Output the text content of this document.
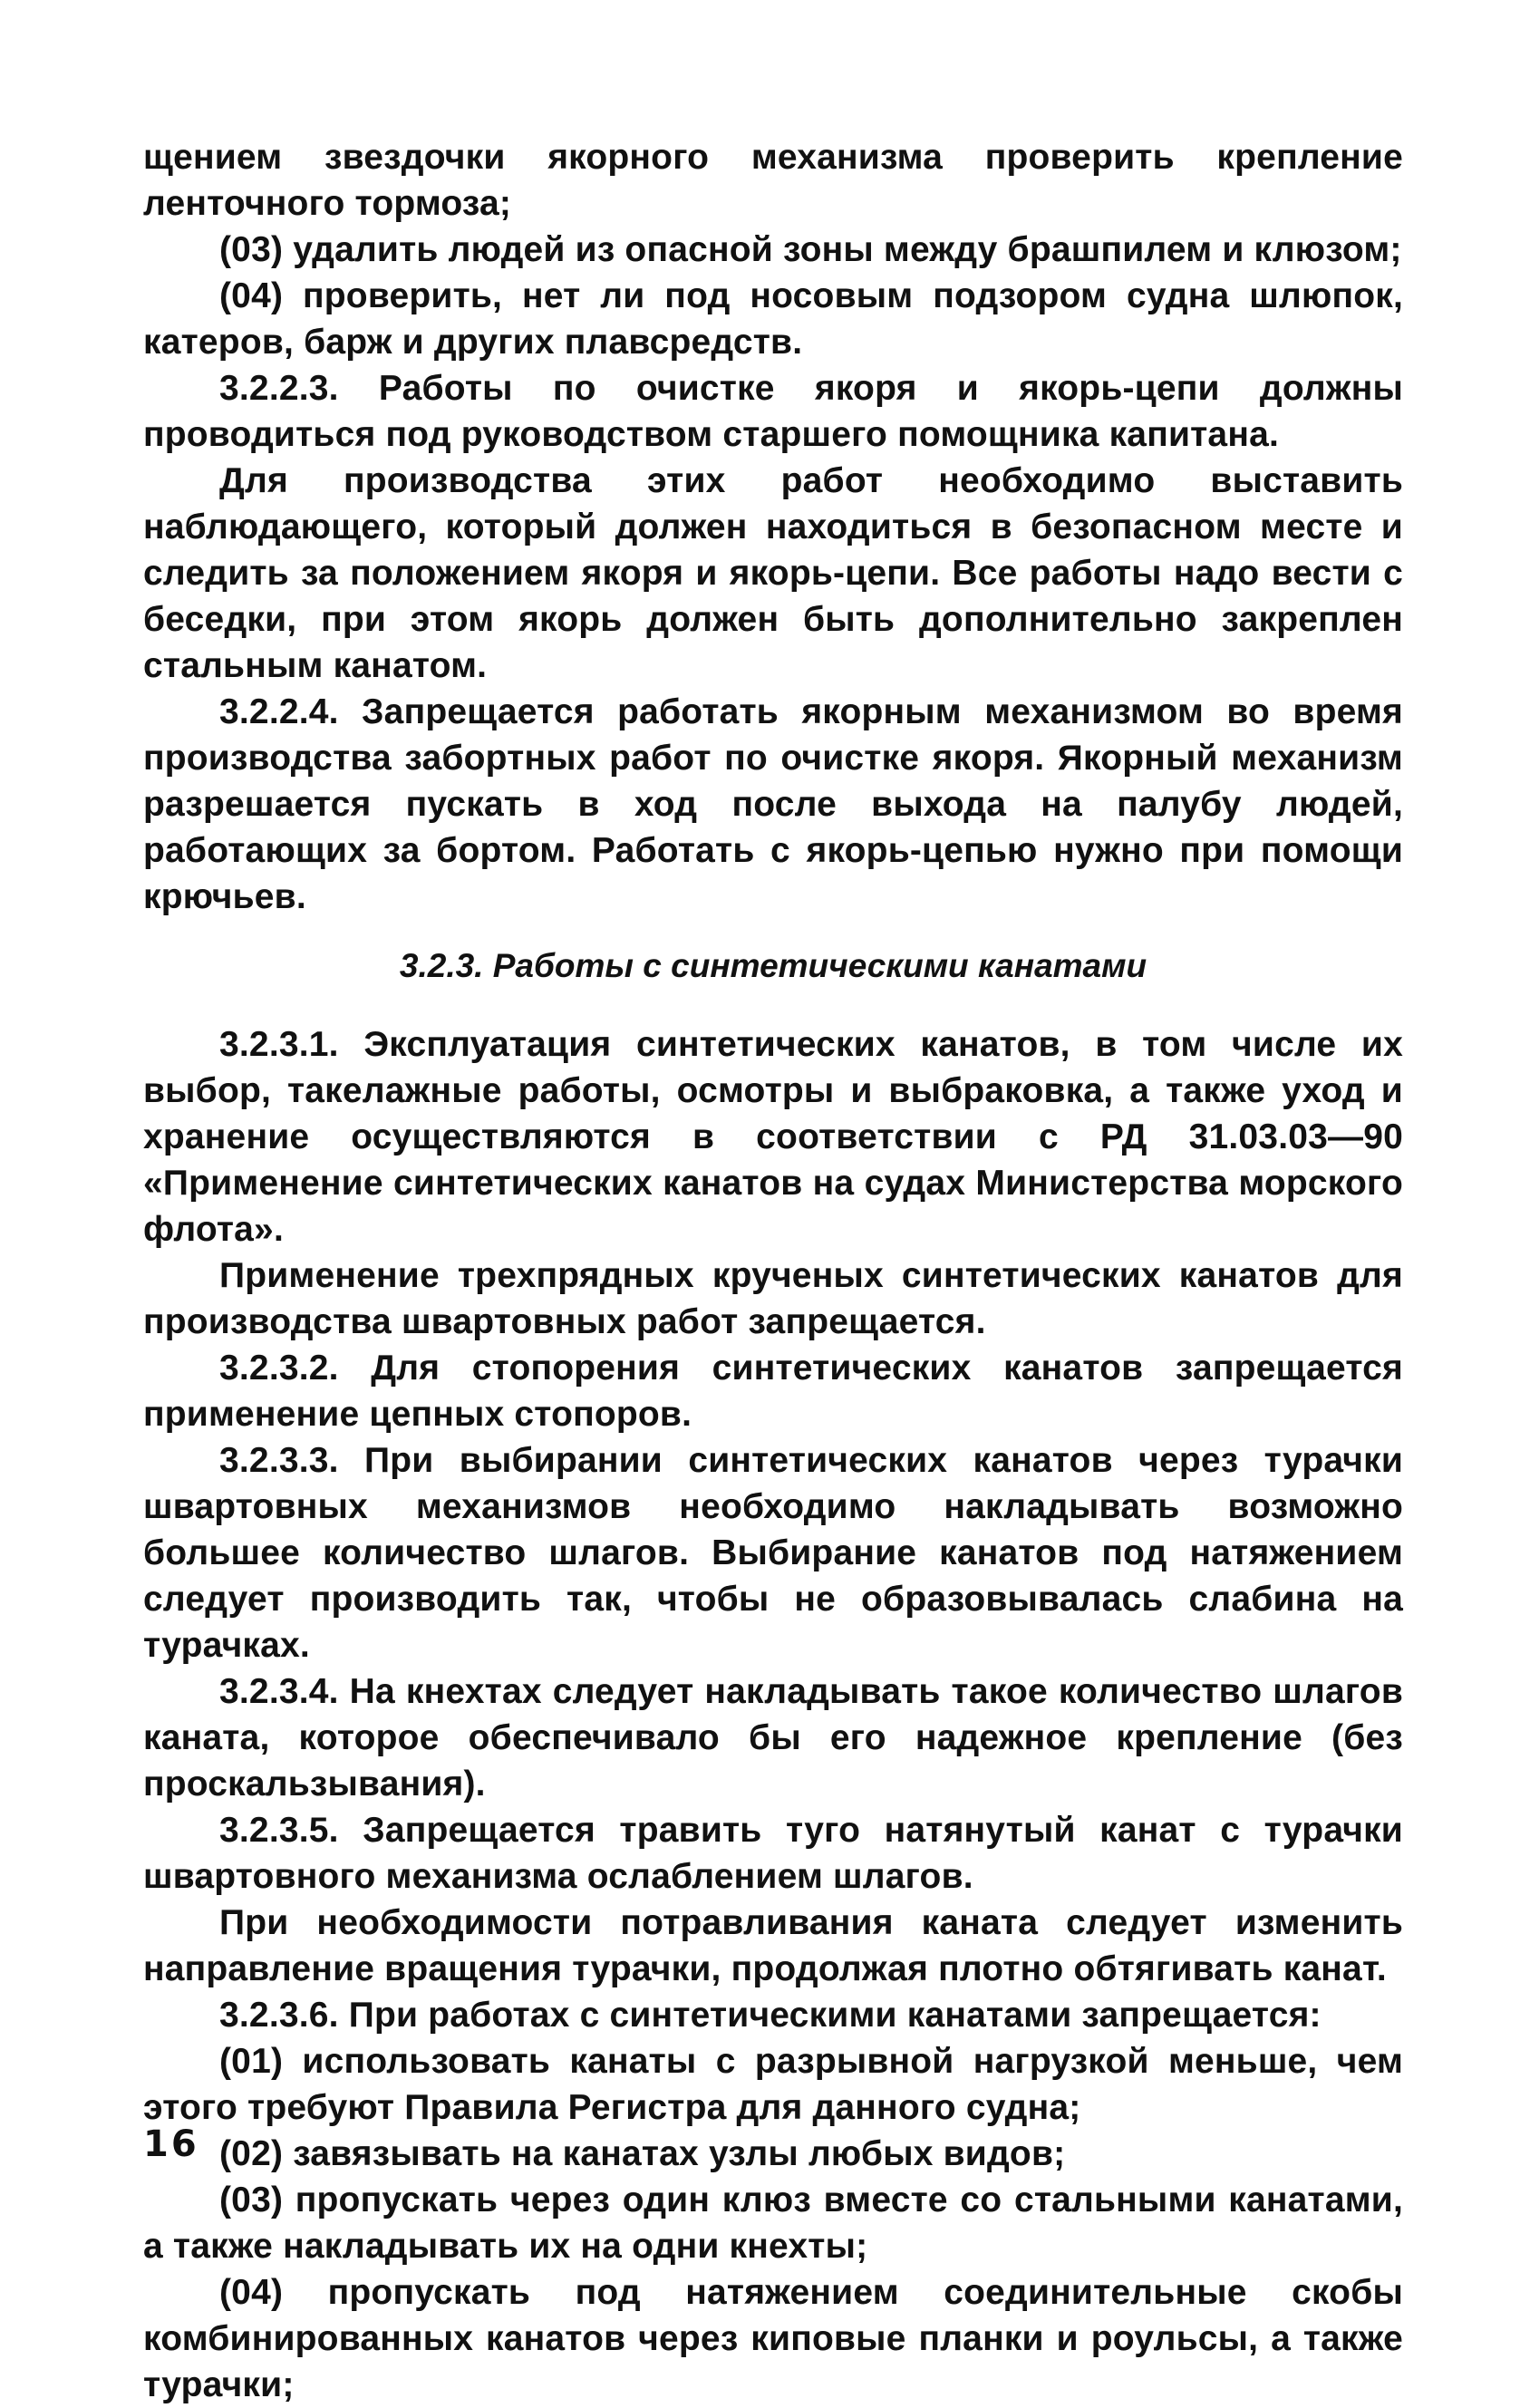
щением звездочки якорного механизма проверить крепление ленточного тормоза;

(03) удалить людей из опасной зоны между брашпилем и клюзом;

(04) проверить, нет ли под носовым подзором судна шлюпок, катеров, барж и других плавсредств.

3.2.2.3. Работы по очистке якоря и якорь-цепи должны проводиться под руководством старшего помощника капитана.

Для производства этих работ необходимо выставить наблюдающего, который должен находиться в безопасном месте и следить за положением якоря и якорь-цепи. Все работы надо вести с беседки, при этом якорь должен быть дополнительно закреплен стальным канатом.

3.2.2.4. Запрещается работать якорным механизмом во время производства забортных работ по очистке якоря. Якорный механизм разрешается пускать в ход после выхода на палубу людей, работающих за бортом. Работать с якорь-цепью нужно при помощи крючьев.

3.2.3. Работы с синтетическими канатами

3.2.3.1. Эксплуатация синтетических канатов, в том числе их выбор, такелажные работы, осмотры и выбраковка, а также уход и хранение осуществляются в соответствии с РД 31.03.03—90 «Применение синтетических канатов на судах Министерства морского флота».

Применение трехпрядных крученых синтетических канатов для производства швартовных работ запрещается.

3.2.3.2. Для стопорения синтетических канатов запрещается применение цепных стопоров.

3.2.3.3. При выбирании синтетических канатов через турачки швартовных механизмов необходимо накладывать возможно большее количество шлагов. Выбирание канатов под натяжением следует производить так, чтобы не образовывалась слабина на турачках.

3.2.3.4. На кнехтах следует накладывать такое количество шлагов каната, которое обеспечивало бы его надежное крепление (без проскальзывания).

3.2.3.5. Запрещается травить туго натянутый канат с турачки швартовного механизма ослаблением шлагов.

При необходимости потравливания каната следует изменить направление вращения турачки, продолжая плотно обтягивать канат.

3.2.3.6. При работах с синтетическими канатами запрещается:

(01) использовать канаты с разрывной нагрузкой меньше, чем этого требуют Правила Регистра для данного судна;

(02) завязывать на канатах узлы любых видов;

(03) пропускать через один клюз вместе со стальными канатами, а также накладывать их на одни кнехты;

(04) пропускать под натяжением соединительные скобы комбинированных канатов через киповые планки и роульсы, а также турачки;

16
